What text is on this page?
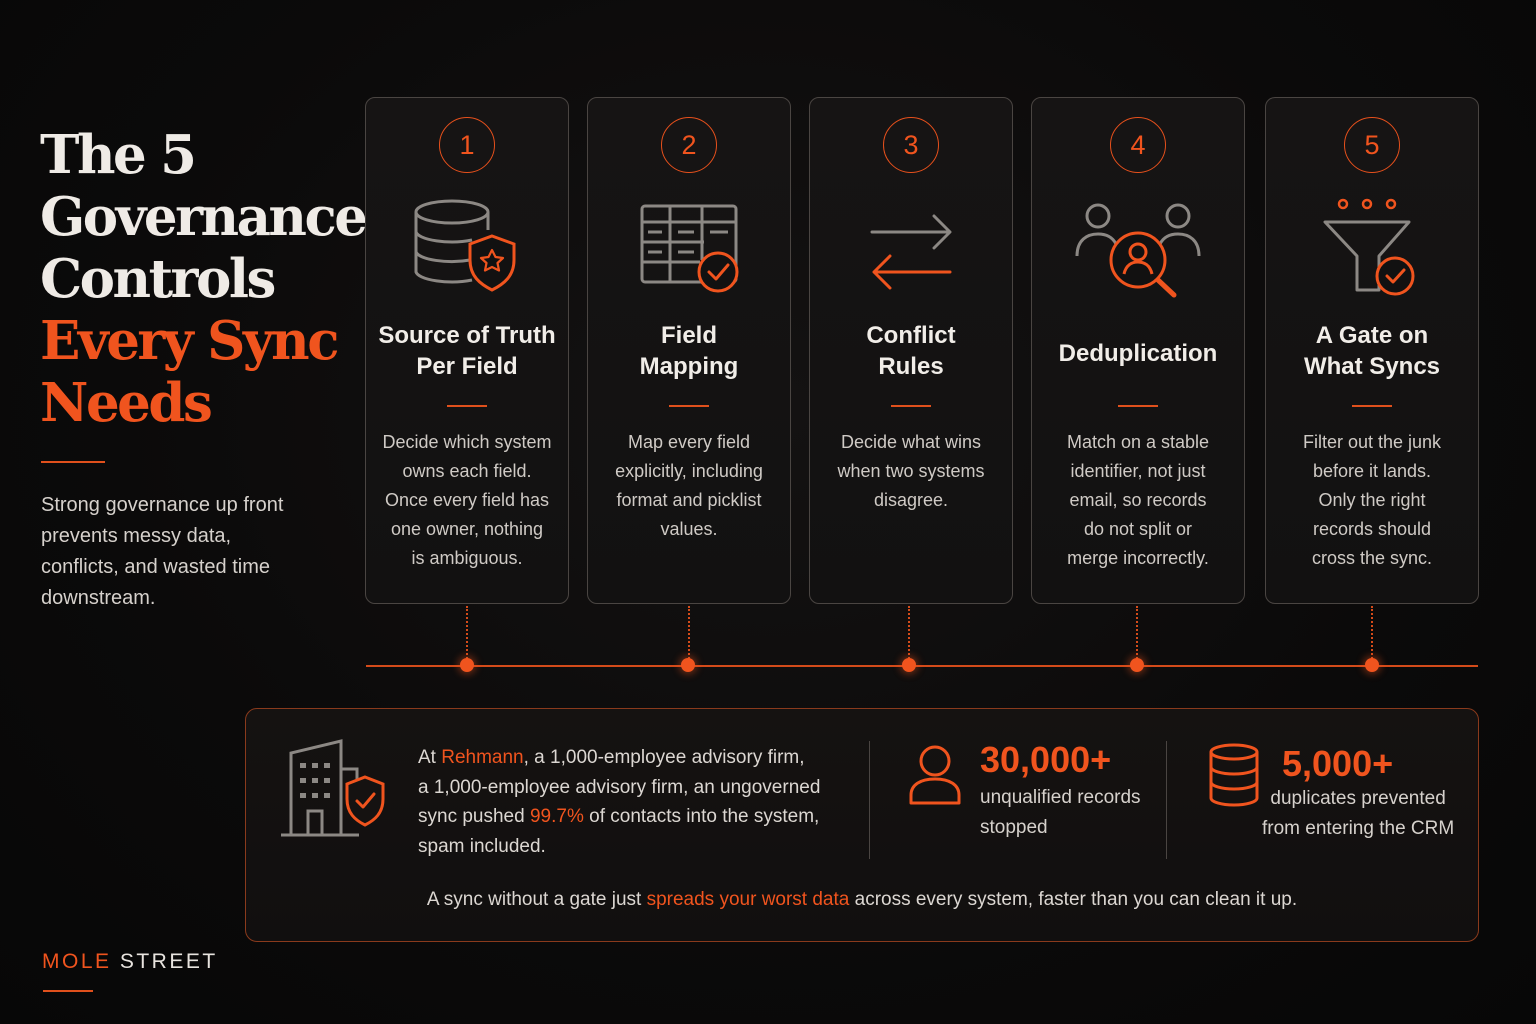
The 5
Governance
Controls
Every Sync
Needs

Strong governance up front prevents messy data, conflicts, and wasted time downstream.

1
Source of Truth
Per Field

Decide which system
owns each field.
Once every field has
one owner, nothing
is ambiguous.

2
Field
Mapping

Map every field
explicitly, including
format and picklist
values.

3
Conflict
Rules

Decide what wins
when two systems
disagree.

4
Deduplication

Match on a stable
identifier, not just
email, so records
do not split or
merge incorrectly.

5
A Gate on
What Syncs

Filter out the junk
before it lands.
Only the right
records should
cross the sync.

At Rehmann, a 1,000-employee advisory firm,
a 1,000-employee advisory firm, an ungoverned
sync pushed 99.7% of contacts into the system,
spam included.

30,000+
unqualified records
stopped
5,000+
duplicates prevented
from entering the CRM

A sync without a gate just spreads your worst data across every system, faster than you can clean it up.

MOLE STREET
